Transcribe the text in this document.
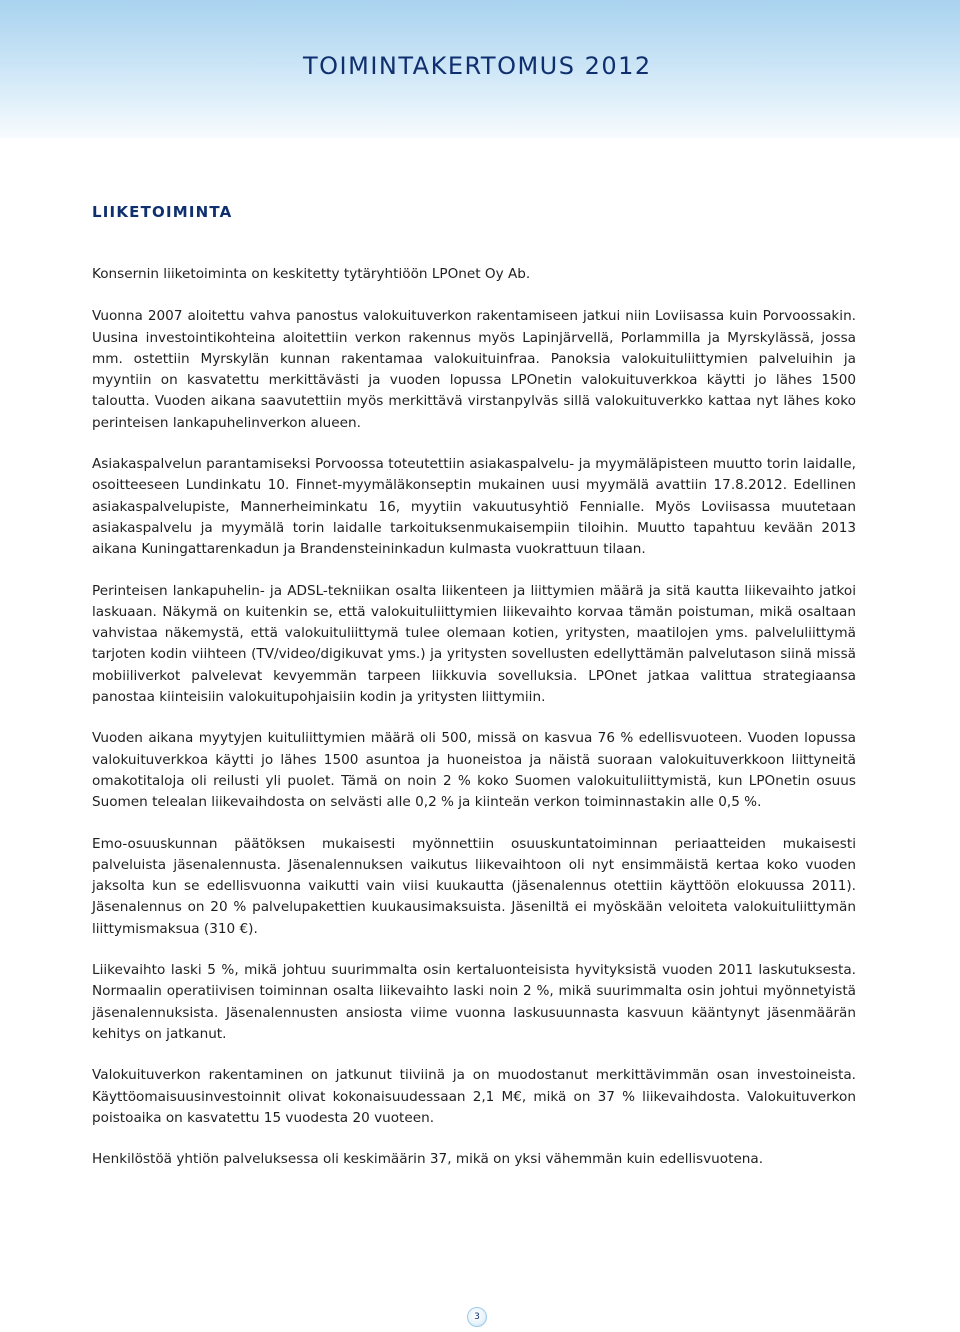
TOIMINTAKERTOMUS 2012
LIIKETOIMINTA

Konsernin liiketoiminta on keskitetty tytäryhtiöön LPOnet Oy Ab.

Vuonna 2007 aloitettu vahva panostus valokuituverkon rakentamiseen jatkui niin Loviisassa kuin Porvoossakin. Uusina investointikohteina aloitettiin verkon rakennus myös Lapinjärvellä, Porlammilla ja Myrskylässä, jossa mm. ostettiin Myrskylän kunnan rakentamaa valokuituinfraa. Panoksia valokuituliittymien palveluihin ja myyntiin on kasvatettu merkittävästi ja vuoden lopussa LPOnetin valokuituverkkoa käytti jo lähes 1500 taloutta. Vuoden aikana saavutettiin myös merkittävä virstanpylväs sillä valokuituverkko kattaa nyt lähes koko perinteisen lankapuhelinverkon alueen.

Asiakaspalvelun parantamiseksi Porvoossa toteutettiin asiakaspalvelu- ja myymäläpisteen muutto torin laidalle, osoitteeseen Lundinkatu 10. Finnet-myymäläkonseptin mukainen uusi myymälä avattiin 17.8.2012. Edellinen asiakaspalvelupiste, Mannerheiminkatu 16, myytiin vakuutusyhtiö Fennialle. Myös Loviisassa muutetaan asiakaspalvelu ja myymälä torin laidalle tarkoituksenmukaisempiin tiloihin. Muutto tapahtuu kevään 2013 aikana Kuningattarenkadun ja Brandensteininkadun kulmasta vuokrattuun tilaan.

Perinteisen lankapuhelin- ja ADSL-tekniikan osalta liikenteen ja liittymien määrä ja sitä kautta liikevaihto jatkoi laskuaan. Näkymä on kuitenkin se, että valokuituliittymien liikevaihto korvaa tämän poistuman, mikä osaltaan vahvistaa näkemystä, että valokuituliittymä tulee olemaan kotien, yritysten, maatilojen yms. palveluliittymä tarjoten kodin viihteen (TV/video/digikuvat yms.) ja yritysten sovellusten edellyttämän palvelutason siinä missä mobiiliverkot palvelevat kevyemmän tarpeen liikkuvia sovelluksia. LPOnet jatkaa valittua strategiaansa panostaa kiinteisiin valokuitupohjaisiin kodin ja yritysten liittymiin.

Vuoden aikana myytyjen kuituliittymien määrä oli 500, missä on kasvua 76 % edellisvuoteen. Vuoden lopussa valokuituverkkoa käytti jo lähes 1500 asuntoa ja huoneistoa ja näistä suoraan valokuituverkkoon liittyneitä omakotitaloja oli reilusti yli puolet. Tämä on noin 2 % koko Suomen valokuituliittymistä, kun LPOnetin osuus Suomen telealan liikevaihdosta on selvästi alle 0,2 % ja kiinteän verkon toiminnastakin alle 0,5 %.

Emo-osuuskunnan päätöksen mukaisesti myönnettiin osuuskuntatoiminnan periaatteiden mukaisesti palveluista jäsenalennusta. Jäsenalennuksen vaikutus liikevaihtoon oli nyt ensimmäistä kertaa koko vuoden jaksolta kun se edellisvuonna vaikutti vain viisi kuukautta (jäsenalennus otettiin käyttöön elokuussa 2011). Jäsenalennus on 20 % palvelupakettien kuukausimaksuista. Jäseniltä ei myöskään veloiteta valokuituliittymän liittymismaksua (310 €).

Liikevaihto laski 5 %, mikä johtuu suurimmalta osin kertaluonteisista hyvityksistä vuoden 2011 laskutuksesta. Normaalin operatiivisen toiminnan osalta liikevaihto laski noin 2 %, mikä suurimmalta osin johtui myönnetyistä jäsenalennuksista. Jäsenalennusten ansiosta viime vuonna laskusuunnasta kasvuun kääntynyt jäsenmäärän kehitys on jatkanut.

Valokuituverkon rakentaminen on jatkunut tiiviinä ja on muodostanut merkittävimmän osan investoineista. Käyttöomaisuusinvestoinnit olivat kokonaisuudessaan 2,1 M€, mikä on 37 % liikevaihdosta. Valokuituverkon poistoaika on kasvatettu 15 vuodesta 20 vuoteen.

Henkilöstöä yhtiön palveluksessa oli keskimäärin 37, mikä on yksi vähemmän kuin edellisvuotena.

3
